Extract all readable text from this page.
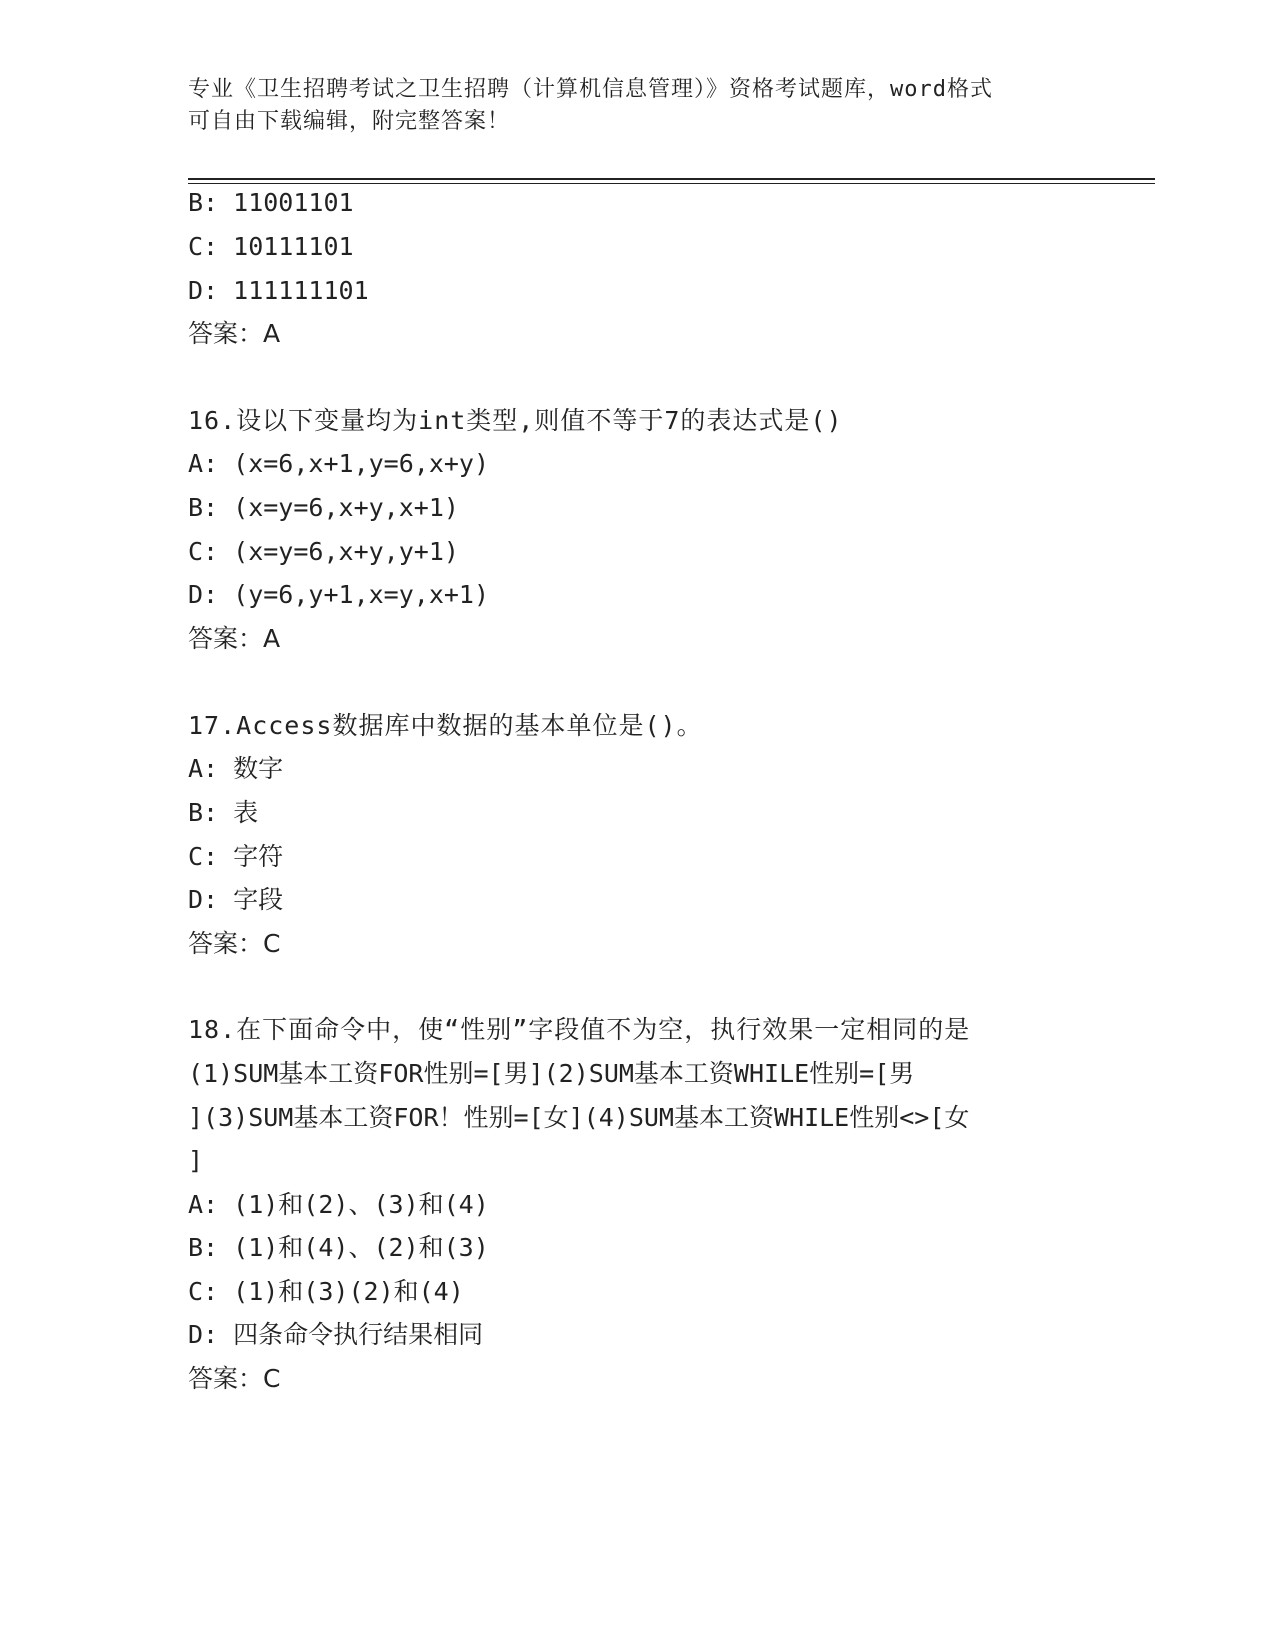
专业《卫生招聘考试之卫生招聘（计算机信息管理）》资格考试题库，word格式
可自由下载编辑，附完整答案！
B: 11001101
C: 10111101
D: 111111101
答案：A
16.设以下变量均为int类型,则值不等于7的表达式是()
A: (x=6,x+1,y=6,x+y)
B: (x=y=6,x+y,x+1)
C: (x=y=6,x+y,y+1)
D: (y=6,y+1,x=y,x+1)
答案：A
17.Access数据库中数据的基本单位是()。
A: 数字
B: 表
C: 字符
D: 字段
答案：C
18.在下面命令中，使“性别”字段值不为空，执行效果一定相同的是
(1)SUM基本工资FOR性别=[男](2)SUM基本工资WHILE性别=[男
](3)SUM基本工资FOR！性别=[女](4)SUM基本工资WHILE性别<>[女
]
A: (1)和(2)、(3)和(4)
B: (1)和(4)、(2)和(3)
C: (1)和(3)(2)和(4)
D: 四条命令执行结果相同
答案：C
